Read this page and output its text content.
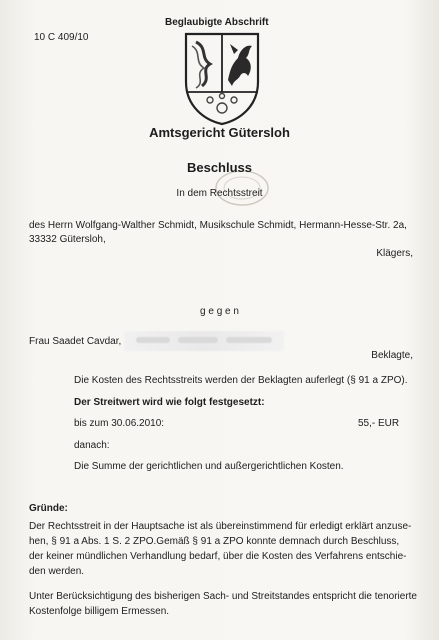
Beglaubigte Abschrift
10 C 409/10
Amtsgericht Gütersloh
Beschluss
In dem Rechtsstreit
des Herrn Wolfgang-Walther Schmidt, Musikschule Schmidt, Hermann-Hesse-Str. 2a,
33332 Gütersloh,
Klägers,
g e g e n
Frau Saadet Cavdar,
Beklagte,
Die Kosten des Rechtsstreits werden der Beklagten auferlegt (§ 91 a ZPO).
Der Streitwert wird wie folgt festgesetzt:
bis zum 30.06.2010:	55,- EUR
danach:
Die Summe der gerichtlichen und außergerichtlichen Kosten.
Gründe:
Der Rechtsstreit in der Hauptsache ist als übereinstimmend für erledigt erklärt anzuse-
hen, § 91 a Abs. 1 S. 2 ZPO.Gemäß § 91 a ZPO konnte demnach durch Beschluss,
der keiner mündlichen Verhandlung bedarf, über die Kosten des Verfahrens entschie-
den werden.
Unter Berücksichtigung des bisherigen Sach- und Streitstandes entspricht die tenorierte
Kostenfolge billigem Ermessen.
